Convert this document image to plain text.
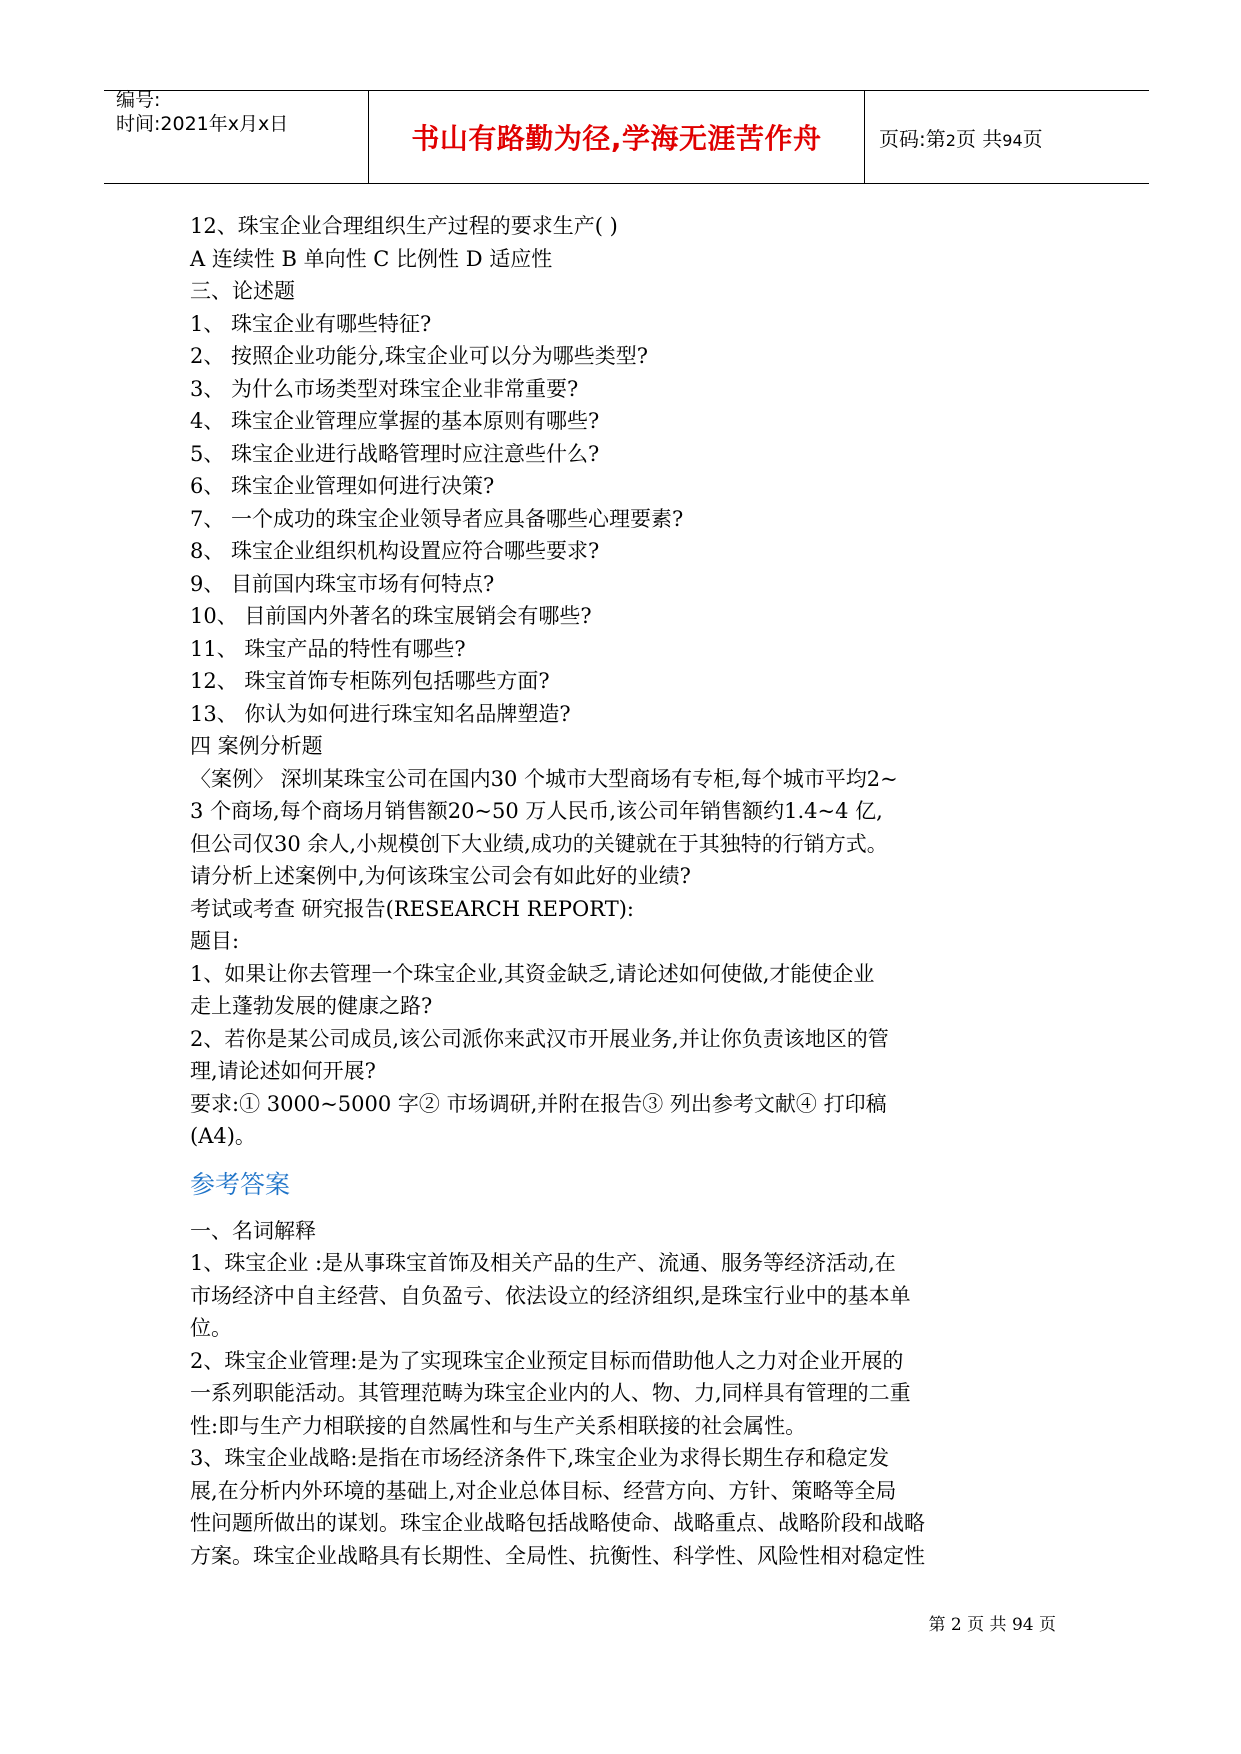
编号:
时间:2021年x月x日	书山有路勤为径,学海无涯苦作舟	页码:第2页 共94页
12、珠宝企业合理组织生产过程的要求生产( )
A 连续性 B 单向性 C 比例性 D 适应性
三、论述题
1、 珠宝企业有哪些特征?
2、 按照企业功能分,珠宝企业可以分为哪些类型?
3、 为什么市场类型对珠宝企业非常重要?
4、 珠宝企业管理应掌握的基本原则有哪些?
5、 珠宝企业进行战略管理时应注意些什么?
6、 珠宝企业管理如何进行决策?
7、 一个成功的珠宝企业领导者应具备哪些心理要素?
8、 珠宝企业组织机构设置应符合哪些要求?
9、 目前国内珠宝市场有何特点?
10、 目前国内外著名的珠宝展销会有哪些?
11、 珠宝产品的特性有哪些?
12、 珠宝首饰专柜陈列包括哪些方面?
13、 你认为如何进行珠宝知名品牌塑造?
四 案例分析题
〈案例〉 深圳某珠宝公司在国内30 个城市大型商场有专柜,每个城市平均2~
3 个商场,每个商场月销售额20~50 万人民币,该公司年销售额约1.4~4 亿,
但公司仅30 余人,小规模创下大业绩,成功的关键就在于其独特的行销方式。
请分析上述案例中,为何该珠宝公司会有如此好的业绩?
考试或考查 研究报告(RESEARCH REPORT):
题目:
1、如果让你去管理一个珠宝企业,其资金缺乏,请论述如何使做,才能使企业
走上蓬勃发展的健康之路?
2、若你是某公司成员,该公司派你来武汉市开展业务,并让你负责该地区的管
理,请论述如何开展?
要求:① 3000~5000 字② 市场调研,并附在报告③ 列出参考文献④ 打印稿
(A4)。
参考答案
一、名词解释
1、珠宝企业 :是从事珠宝首饰及相关产品的生产、流通、服务等经济活动,在
市场经济中自主经营、自负盈亏、依法设立的经济组织,是珠宝行业中的基本单
位。
2、珠宝企业管理:是为了实现珠宝企业预定目标而借助他人之力对企业开展的
一系列职能活动。其管理范畴为珠宝企业内的人、物、力,同样具有管理的二重
性:即与生产力相联接的自然属性和与生产关系相联接的社会属性。
3、珠宝企业战略:是指在市场经济条件下,珠宝企业为求得长期生存和稳定发
展,在分析内外环境的基础上,对企业总体目标、经营方向、方针、策略等全局
性问题所做出的谋划。珠宝企业战略包括战略使命、战略重点、战略阶段和战略
方案。珠宝企业战略具有长期性、全局性、抗衡性、科学性、风险性相对稳定性
第 2 页 共 94 页
